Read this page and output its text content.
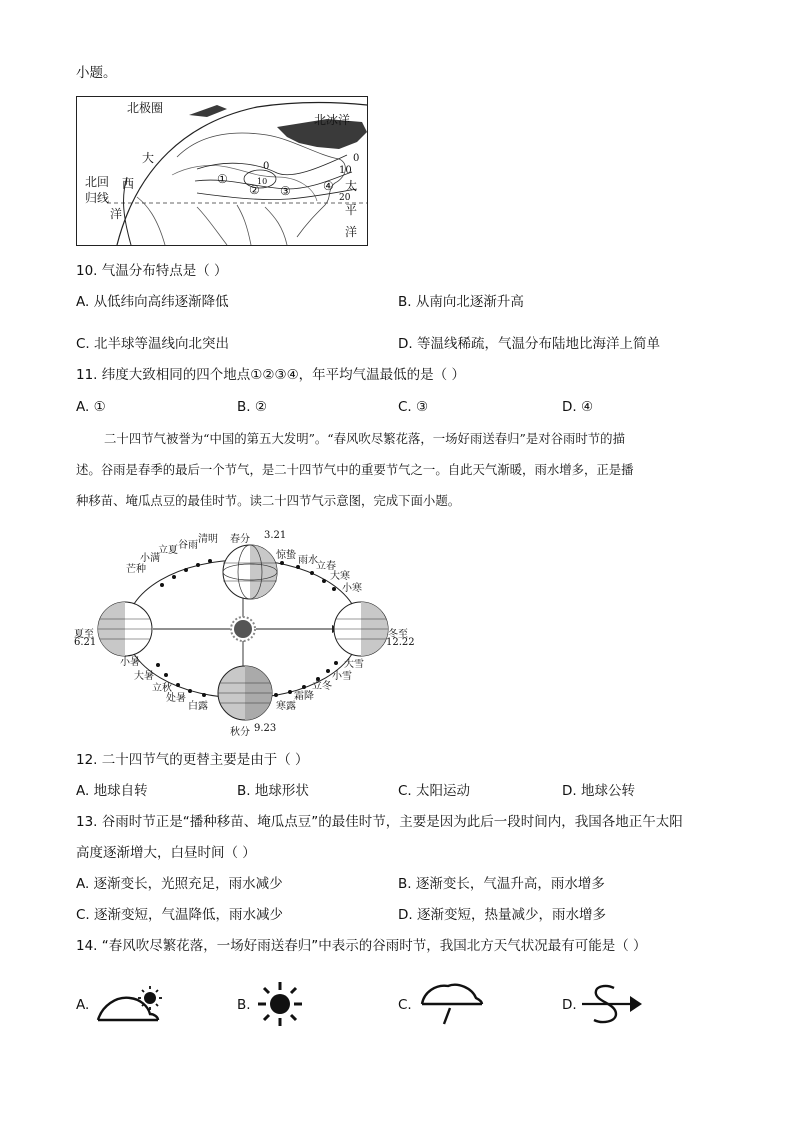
小题。
北极圈
北冰洋
大
西
洋
北回
归线
太
平
洋
①
② ③	④
0
10
0
10
20
10. 气温分布特点是（ ）
A. 从低纬向高纬逐渐降低	B. 从南向北逐渐升高
C. 北半球等温线向北突出	D. 等温线稀疏，气温分布陆地比海洋上简单
11. 纬度大致相同的四个地点①②③④，年平均气温最低的是（ ）
A. ①	B. ②	C. ③	D. ④
二十四节气被誉为“中国的第五大发明”。“春风吹尽繁花落，一场好雨送春归”是对谷雨时节的描
述。谷雨是春季的最后一个节气，是二十四节气中的重要节气之一。自此天气渐暖，雨水增多，正是播
种移苗、埯瓜点豆的最佳时节。读二十四节气示意图，完成下面小题。
春分 3.21
夏至
6.21
冬至
12.22
秋分 9.23
清明
谷雨
立夏
小满
芒种
惊蛰 雨水
立春
大寒
小寒
小暑
大暑
立秋
处暑
白露	寒露
霜降
立冬
小雪
大雪
12. 二十四节气的更替主要是由于（ ）
A. 地球自转	B. 地球形状	C. 太阳运动	D. 地球公转
13. 谷雨时节正是“播种移苗、埯瓜点豆”的最佳时节，主要是因为此后一段时间内，我国各地正午太阳
高度逐渐增大，白昼时间（ ）
A. 逐渐变长，光照充足，雨水减少	B. 逐渐变长，气温升高，雨水增多
C. 逐渐变短，气温降低，雨水减少	D. 逐渐变短，热量减少，雨水增多
14. “春风吹尽繁花落，一场好雨送春归”中表示的谷雨时节，我国北方天气状况最有可能是（ ）
A.	B.	C.	D.
